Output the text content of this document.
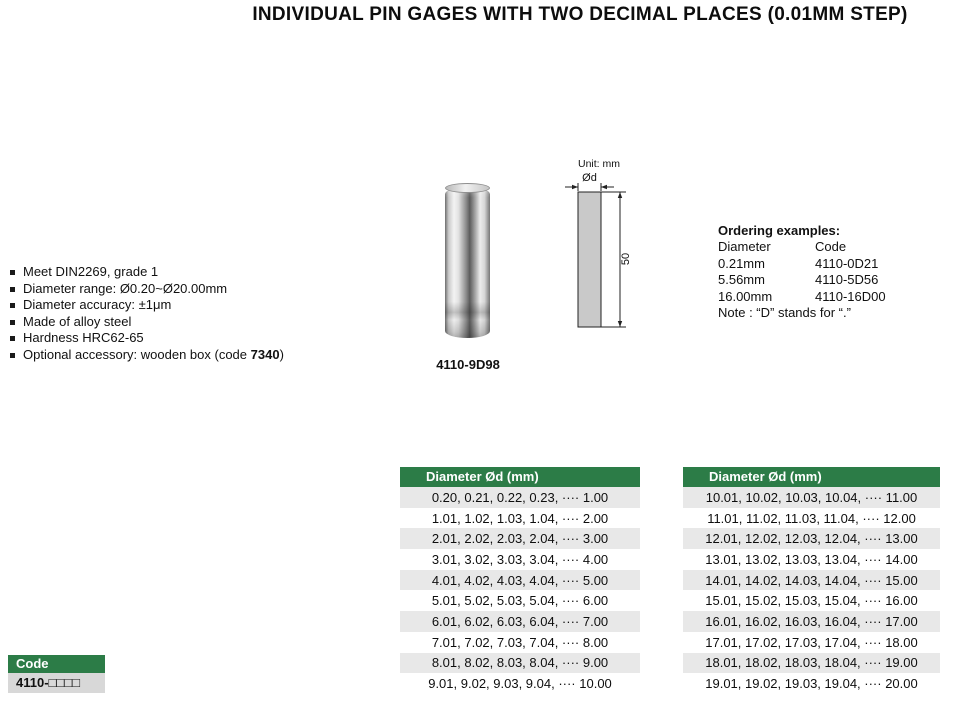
INDIVIDUAL PIN GAGES WITH TWO DECIMAL PLACES (0.01MM STEP)
Meet DIN2269, grade 1
Diameter range: Ø0.20~Ø20.00mm
Diameter accuracy: ±1μm
Made of alloy steel
Hardness HRC62-65
Optional accessory: wooden box (code 7340)
4110-9D98
Unit: mm
Ød
50
Ordering examples:
Diameter	Code
0.21mm	4110-0D21
5.56mm	4110-5D56
16.00mm	4110-16D00
Note : “D” stands for “.”
Code
4110-□□□□
Diameter Ød (mm)
0.20, 0.21, 0.22, 0.23, ···· 1.00
1.01, 1.02, 1.03, 1.04, ···· 2.00
2.01, 2.02, 2.03, 2.04, ···· 3.00
3.01, 3.02, 3.03, 3.04, ···· 4.00
4.01, 4.02, 4.03, 4.04, ···· 5.00
5.01, 5.02, 5.03, 5.04, ···· 6.00
6.01, 6.02, 6.03, 6.04, ···· 7.00
7.01, 7.02, 7.03, 7.04, ···· 8.00
8.01, 8.02, 8.03, 8.04, ···· 9.00
9.01, 9.02, 9.03, 9.04, ···· 10.00
Diameter Ød (mm)
10.01, 10.02, 10.03, 10.04, ···· 11.00
11.01, 11.02, 11.03, 11.04, ···· 12.00
12.01, 12.02, 12.03, 12.04, ···· 13.00
13.01, 13.02, 13.03, 13.04, ···· 14.00
14.01, 14.02, 14.03, 14.04, ···· 15.00
15.01, 15.02, 15.03, 15.04, ···· 16.00
16.01, 16.02, 16.03, 16.04, ···· 17.00
17.01, 17.02, 17.03, 17.04, ···· 18.00
18.01, 18.02, 18.03, 18.04, ···· 19.00
19.01, 19.02, 19.03, 19.04, ···· 20.00
